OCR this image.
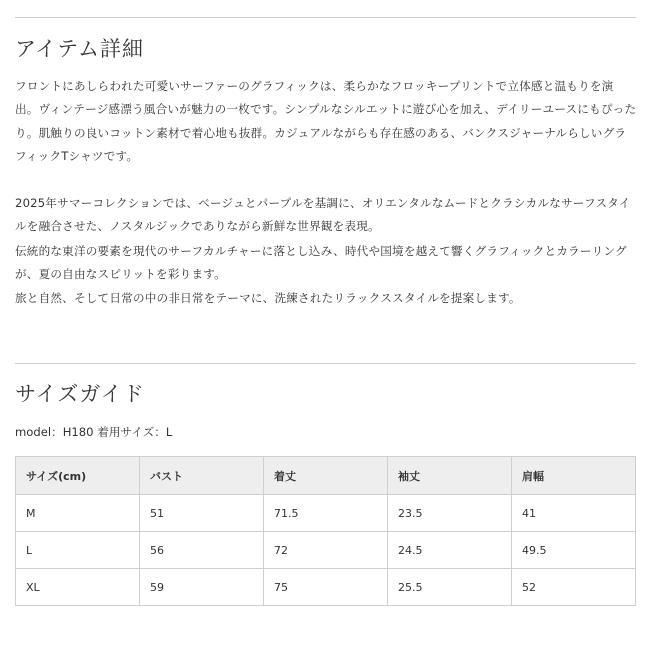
アイテム詳細

フロントにあしらわれた可愛いサーファーのグラフィックは、柔らかなフロッキープリントで立体感と温もりを演出。ヴィンテージ感漂う風合いが魅力の一枚です。シンプルなシルエットに遊び心を加え、デイリーユースにもぴったり。肌触りの良いコットン素材で着心地も抜群。カジュアルながらも存在感のある、バンクスジャーナルらしいグラフィックTシャツです。

2025年サマーコレクションでは、ベージュとパープルを基調に、オリエンタルなムードとクラシカルなサーフスタイルを融合させた、ノスタルジックでありながら新鮮な世界観を表現。

伝統的な東洋の要素を現代のサーフカルチャーに落とし込み、時代や国境を越えて響くグラフィックとカラーリングが、夏の自由なスピリットを彩ります。

旅と自然、そして日常の中の非日常をテーマに、洗練されたリラックススタイルを提案します。

サイズガイド
model：H180 着用サイズ：L
サイズ(cm)	バスト	着丈	袖丈	肩幅
M	51	71.5	23.5	41
L	56	72	24.5	49.5
XL	59	75	25.5	52
